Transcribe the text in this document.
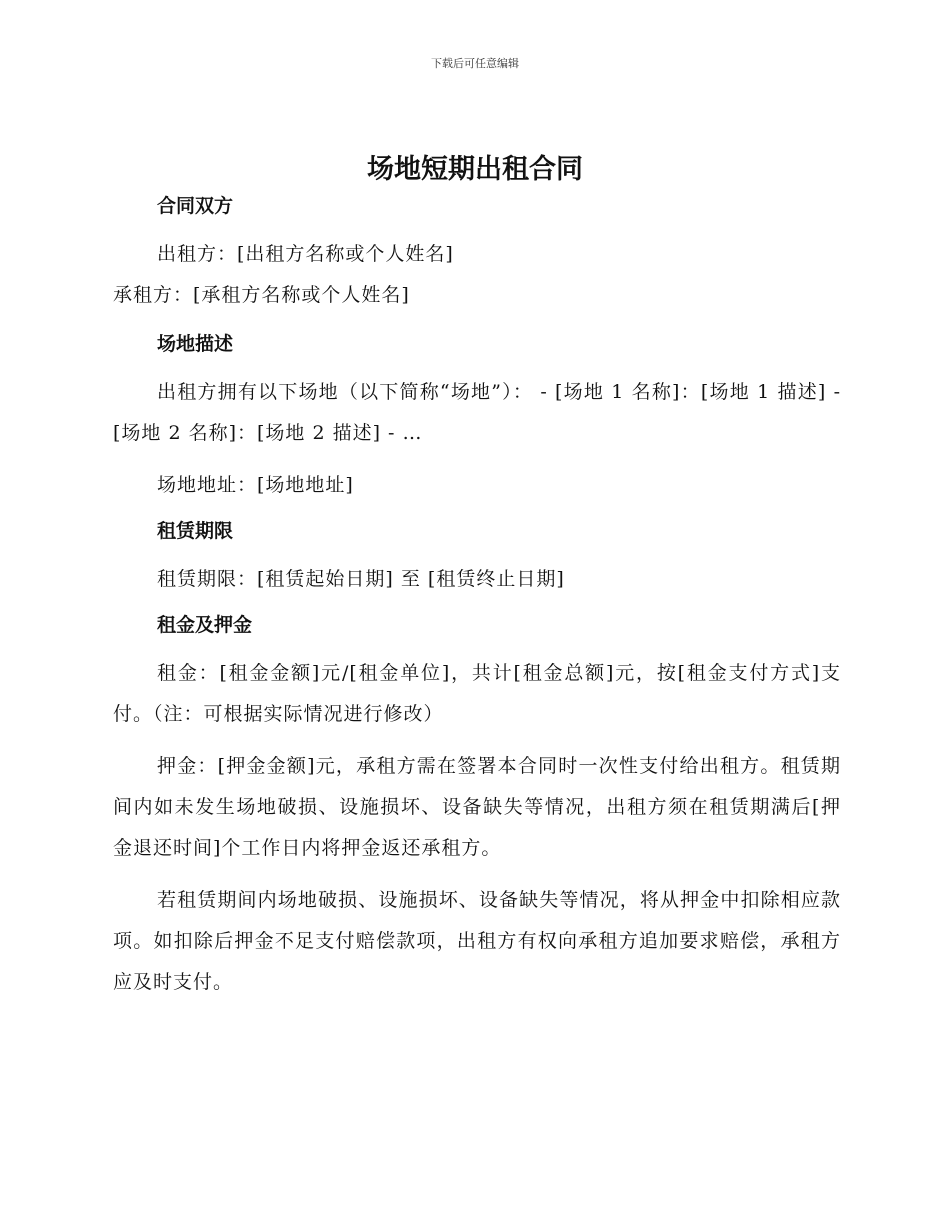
下载后可任意编辑
场地短期出租合同
合同双方
出租方：[出租方名称或个人姓名]
承租方：[承租方名称或个人姓名]
场地描述
出租方拥有以下场地（以下简称“场地”）： - [场地 1 名称]：[场地 1 描述] - [场地 2 名称]：[场地 2 描述] - …
场地地址：[场地地址]
租赁期限
租赁期限：[租赁起始日期] 至 [租赁终止日期]
租金及押金
租金：[租金金额]元/[租金单位]，共计[租金总额]元，按[租金支付方式]支付。（注：可根据实际情况进行修改）
押金：[押金金额]元，承租方需在签署本合同时一次性支付给出租方。租赁期间内如未发生场地破损、设施损坏、设备缺失等情况，出租方须在租赁期满后[押金退还时间]个工作日内将押金返还承租方。
若租赁期间内场地破损、设施损坏、设备缺失等情况，将从押金中扣除相应款项。如扣除后押金不足支付赔偿款项，出租方有权向承租方追加要求赔偿，承租方应及时支付。
